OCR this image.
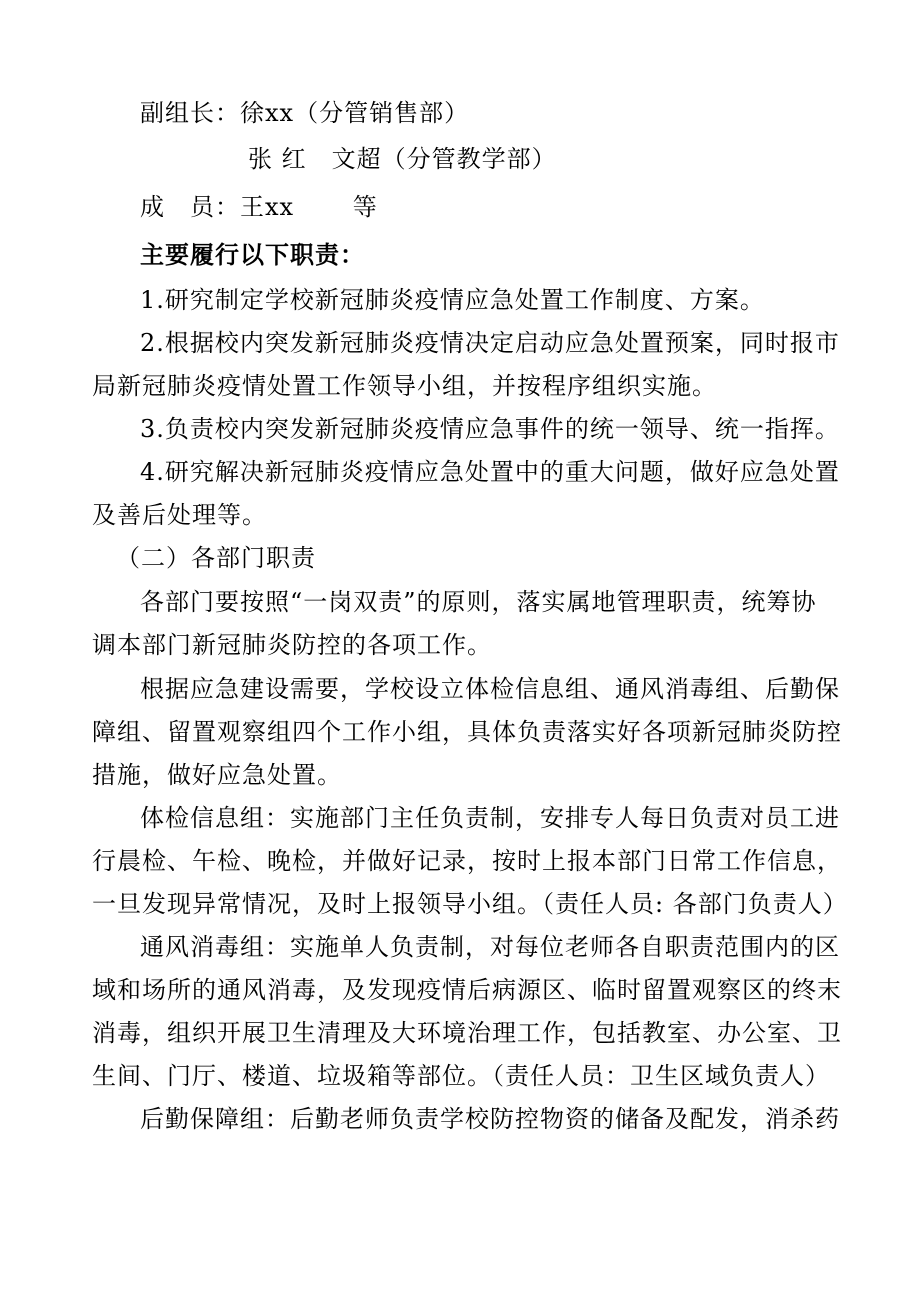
副组长：徐xx（分管销售部）
张 红　文超（分管教学部）
成　员：王xx　　 等
主要履行以下职责：
1.研究制定学校新冠肺炎疫情应急处置工作制度、方案。
2.根据校内突发新冠肺炎疫情决定启动应急处置预案，同时报市
局新冠肺炎疫情处置工作领导小组，并按程序组织实施。
3.负责校内突发新冠肺炎疫情应急事件的统一领导、统一指挥。
4.研究解决新冠肺炎疫情应急处置中的重大问题，做好应急处置
及善后处理等。
（二）各部门职责
各部门要按照“一岗双责”的原则，落实属地管理职责，统筹协
调本部门新冠肺炎防控的各项工作。
根据应急建设需要，学校设立体检信息组、通风消毒组、后勤保
障组、留置观察组四个工作小组，具体负责落实好各项新冠肺炎防控
措施，做好应急处置。
体检信息组：实施部门主任负责制，安排专人每日负责对员工进
行晨检、午检、晚检，并做好记录，按时上报本部门日常工作信息，
一旦发现异常情况，及时上报领导小组。（责任人员: 各部门负责人）
通风消毒组：实施单人负责制，对每位老师各自职责范围内的区
域和场所的通风消毒，及发现疫情后病源区、临时留置观察区的终末
消毒，组织开展卫生清理及大环境治理工作，包括教室、办公室、卫
生间、门厅、楼道、垃圾箱等部位。（责任人员：卫生区域负责人）
后勤保障组：后勤老师负责学校防控物资的储备及配发，消杀药
